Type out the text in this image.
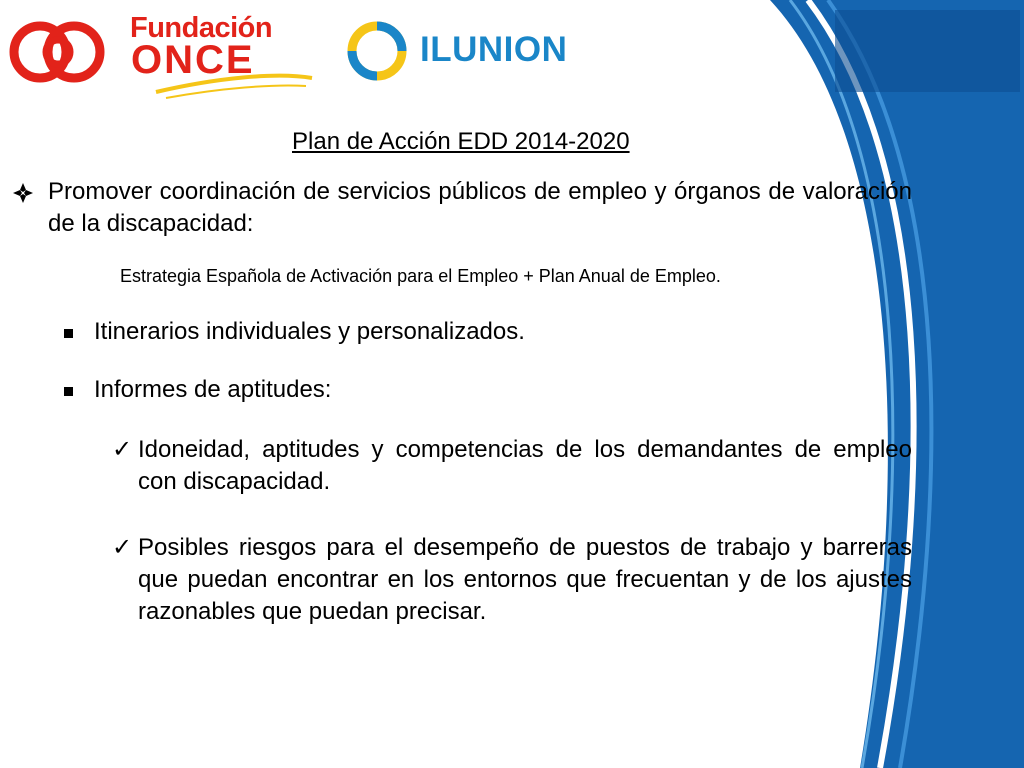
Fundación
ONCE	ILUNION
Plan de Acción EDD 2014-2020
Promover coordinación de servicios públicos de empleo y órganos de valoración de la discapacidad:
Estrategia Española de Activación para el Empleo + Plan Anual de Empleo.
Itinerarios individuales y personalizados.
Informes de aptitudes:
✓ Idoneidad, aptitudes y competencias de los demandantes de empleo con discapacidad.
✓ Posibles riesgos para el desempeño de puestos de trabajo y barreras que puedan encontrar en los entornos que frecuentan y de los ajustes razonables que puedan precisar.
